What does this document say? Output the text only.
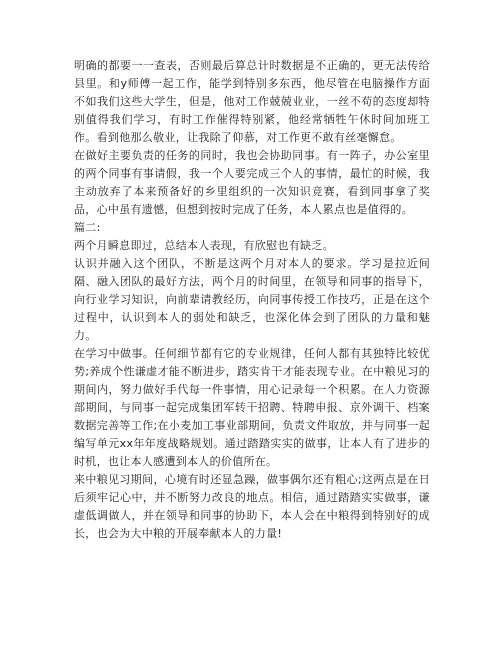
明确的都要一一查表，否则最后算总计时数据是不正确的，更无法传给县里。和y师傅一起工作，能学到特别多东西，他尽管在电脑操作方面不如我们这些大学生，但是，他对工作兢兢业业，一丝不苟的态度却特别值得我们学习，有时工作催得特别紧，他经常牺牲午休时间加班工作。看到他那么敬业，让我除了仰慕，对工作更不敢有丝毫懈怠。

在做好主要负责的任务的同时，我也会协助同事。有一阵子，办公室里的两个同事有事请假，我一个人要完成三个人的事情，最忙的时候，我主动放弃了本来预备好的乡里组织的一次知识竞赛，看到同事拿了奖品，心中虽有遗憾，但想到按时完成了任务，本人累点也是值得的。

篇二:

两个月瞬息即过，总结本人表现，有欣慰也有缺乏。

认识并融入这个团队，不断是这两个月对本人的要求。学习是拉近间隔、融入团队的最好方法，两个月的时间里，在领导和同事的指导下，向行业学习知识，向前辈请教经历，向同事传授工作技巧，正是在这个过程中，认识到本人的弱处和缺乏，也深化体会到了团队的力量和魅力。

在学习中做事。任何细节都有它的专业规律，任何人都有其独特比较优势;养成个性谦虚才能不断进步，踏实肯干才能表现专业。在中粮见习的期间内，努力做好手代每一件事情，用心记录每一个积累。在人力资源部期间，与同事一起完成集团军转干招聘、特聘申报、京外调干、档案数据完善等工作;在小麦加工事业部期间，负责文件取放，并与同事一起编写单元xx年年度战略规划。通过踏踏实实的做事，让本人有了进步的时机，也让本人感遭到本人的价值所在。

来中粮见习期间，心境有时还显急躁，做事偶尔还有粗心;这两点是在日后须牢记心中，并不断努力改良的地点。相信，通过踏踏实实做事，谦虚低调做人，并在领导和同事的协助下，本人会在中粮得到特别好的成长，也会为大中粮的开展奉献本人的力量!
